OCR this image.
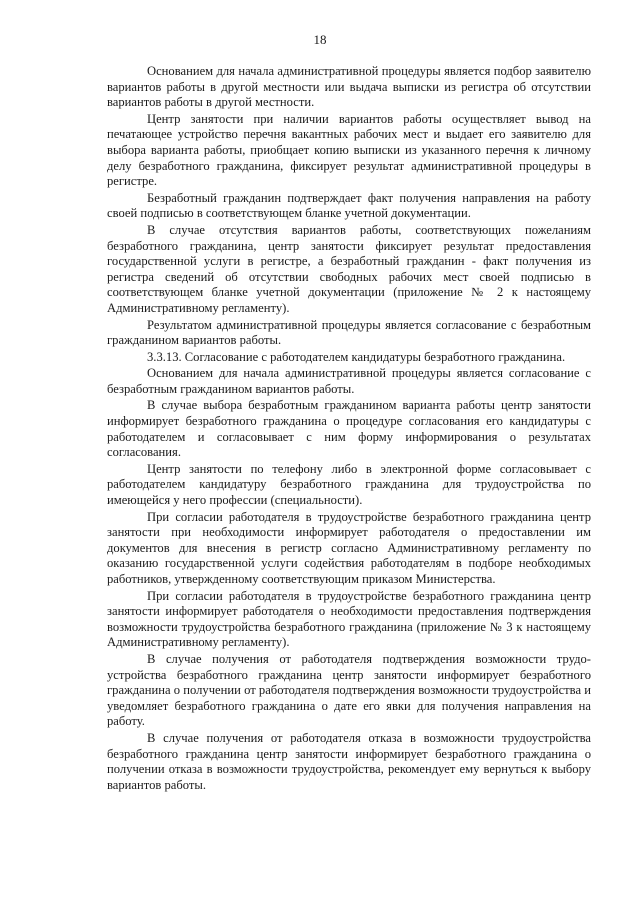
18

Основанием для начала административной процедуры является подбор заявителю вариантов работы в другой местности или выдача выписки из регистра об отсутствии вариантов работы в другой местности.

Центр занятости при наличии вариантов работы осуществляет вывод на печатающее устройство перечня вакантных рабочих мест и выдает его заявителю для выбора варианта работы, приобщает копию выписки из указанного перечня к личному делу безработного гражданина, фиксирует результат административной процедуры в регистре.

Безработный гражданин подтверждает факт получения направления на работу своей подписью в соответствующем бланке учетной документации.

В случае отсутствия вариантов работы, соответствующих пожеланиям безработного гражданина, центр занятости фиксирует результат предоставления государственной услуги в регистре, а безработный гражданин - факт получения из регистра сведений об отсутствии свободных рабочих мест своей подписью в соответствующем бланке учетной документации (приложение № 2 к настоящему Административному регламенту).

Результатом административной процедуры является согласование с безработным гражданином вариантов работы.

3.3.13. Согласование с работодателем кандидатуры безработного гражданина.

Основанием для начала административной процедуры является согласование с безработным гражданином вариантов работы.

В случае выбора безработным гражданином варианта работы центр занятости информирует безработного гражданина о процедуре согласования его кандидатуры с работодателем и согласовывает с ним форму информирования о результатах согласования.

Центр занятости по телефону либо в электронной форме согласовывает с работодателем кандидатуру безработного гражданина для трудоустройства по имеющейся у него профессии (специальности).

При согласии работодателя в трудоустройстве безработного гражданина центр занятости при необходимости информирует работодателя о предоставлении им документов для внесения в регистр согласно Административному регламенту по оказанию государственной услуги содействия работодателям в подборе необходимых работников, утвержденному соответствующим приказом Министерства.

При согласии работодателя в трудоустройстве безработного гражданина центр занятости информирует работодателя о необходимости предоставления подтверждения возможности трудоустройства безработного гражданина (приложение № 3 к настоящему Административному регламенту).

В случае получения от работодателя подтверждения возможности трудоустройства безработного гражданина центр занятости информирует безработного гражданина о получении от работодателя подтверждения возможности трудоустройства и уведомляет безработного гражданина о дате его явки для получения направления на работу.

В случае получения от работодателя отказа в возможности трудоустройства безработного гражданина центр занятости информирует безработного гражданина о получении отказа в возможности трудоустройства, рекомендует ему вернуться к выбору вариантов работы.
